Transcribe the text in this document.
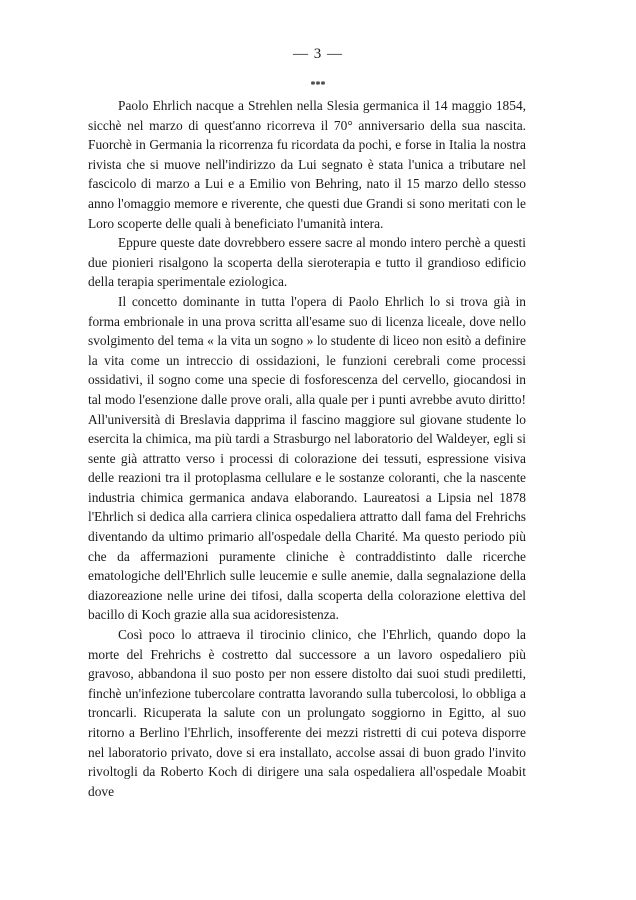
— 3 —
***

Paolo Ehrlich nacque a Strehlen nella Slesia germanica il 14 maggio 1854, sicchè nel marzo di quest'anno ricorreva il 70° anniversario della sua nascita. Fuorchè in Germania la ricorrenza fu ricordata da pochi, e forse in Italia la nostra rivista che si muove nell'indirizzo da Lui segnato è stata l'unica a tributare nel fascicolo di marzo a Lui e a Emilio von Behring, nato il 15 marzo dello stesso anno l'omaggio memore e riverente, che questi due Grandi si sono meritati con le Loro scoperte delle quali à beneficiato l'umanità intera.

Eppure queste date dovrebbero essere sacre al mondo intero perchè a questi due pionieri risalgono la scoperta della sieroterapia e tutto il grandioso edificio della terapia sperimentale eziologica.

Il concetto dominante in tutta l'opera di Paolo Ehrlich lo si trova già in forma embrionale in una prova scritta all'esame suo di licenza liceale, dove nello svolgimento del tema « la vita un sogno » lo studente di liceo non esitò a definire la vita come un intreccio di ossidazioni, le funzioni cerebrali come processi ossidativi, il sogno come una specie di fosforescenza del cervello, giocandosi in tal modo l'esenzione dalle prove orali, alla quale per i punti avrebbe avuto diritto! All'università di Breslavia dapprima il fascino maggiore sul giovane studente lo esercita la chimica, ma più tardi a Strasburgo nel laboratorio del Waldeyer, egli si sente già attratto verso i processi di colorazione dei tessuti, espressione visiva delle reazioni tra il protoplasma cellulare e le sostanze coloranti, che la nascente industria chimica germanica andava elaborando. Laureatosi a Lipsia nel 1878 l'Ehrlich si dedica alla carriera clinica ospedaliera attratto dall fama del Frehrichs diventando da ultimo primario all'ospedale della Charité. Ma questo periodo più che da affermazioni puramente cliniche è contraddistinto dalle ricerche ematologiche dell'Ehrlich sulle leucemie e sulle anemie, dalla segnalazione della diazoreazione nelle urine dei tifosi, dalla scoperta della colorazione elettiva del bacillo di Koch grazie alla sua acidoresistenza.

Così poco lo attraeva il tirocinio clinico, che l'Ehrlich, quando dopo la morte del Frehrichs è costretto dal successore a un lavoro ospedaliero più gravoso, abbandona il suo posto per non essere distolto dai suoi studi prediletti, finchè un'infezione tubercolare contratta lavorando sulla tubercolosi, lo obbliga a troncarli. Ricuperata la salute con un prolungato soggiorno in Egitto, al suo ritorno a Berlino l'Ehrlich, insofferente dei mezzi ristretti di cui poteva disporre nel laboratorio privato, dove si era installato, accolse assai di buon grado l'invito rivoltogli da Roberto Koch di dirigere una sala ospedaliera all'ospedale Moabit dove
